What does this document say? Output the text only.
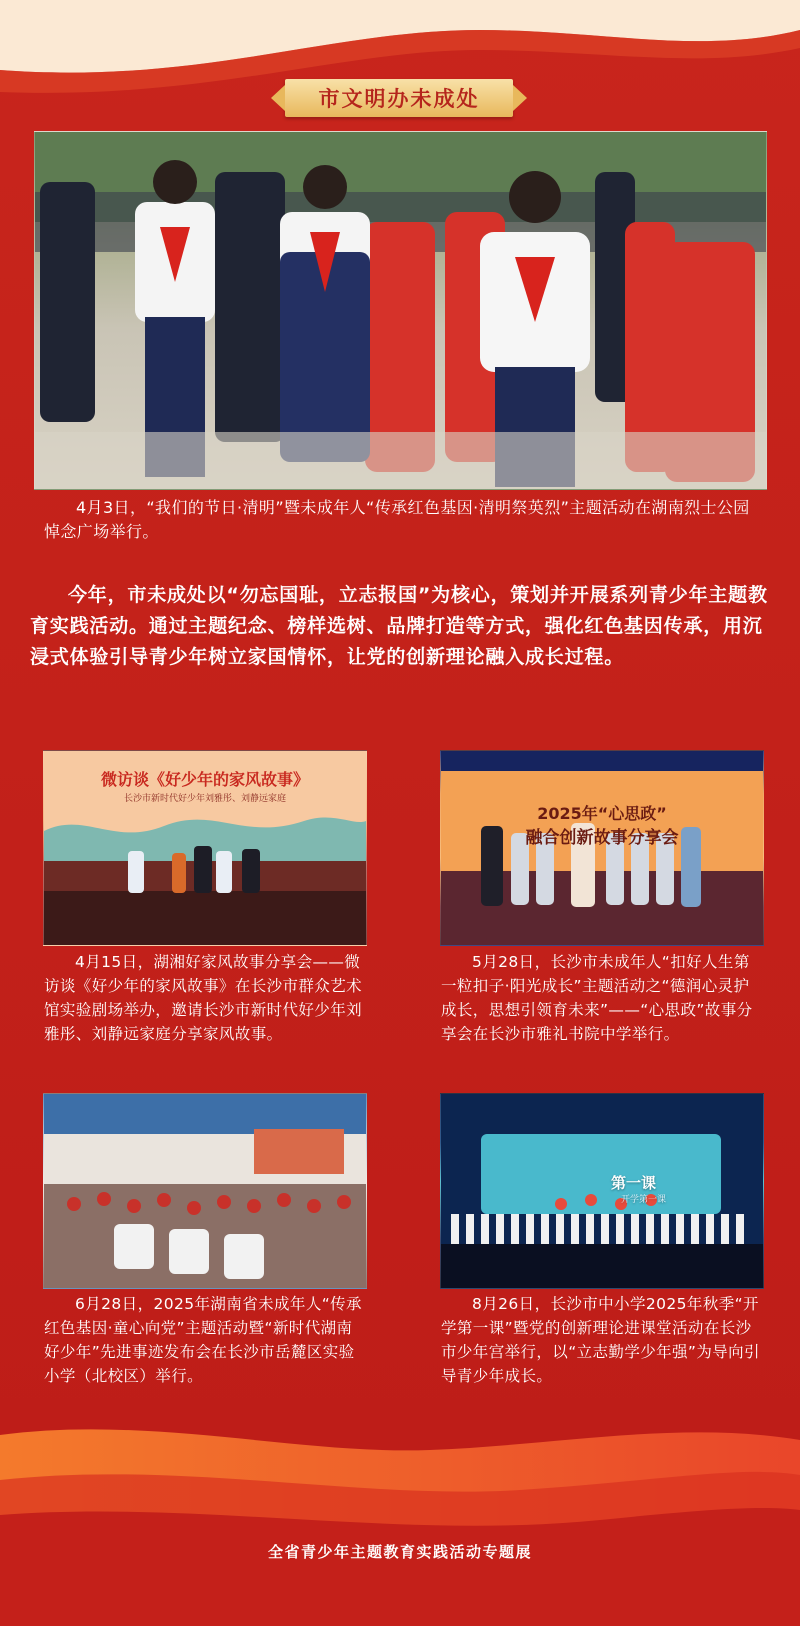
市文明办未成处
4月3日，“我们的节日·清明”暨未成年人“传承红色基因·清明祭英烈”主题活动在湖南烈士公园悼念广场举行。
今年，市未成处以“勿忘国耻，立志报国”为核心，策划并开展系列青少年主题教育实践活动。通过主题纪念、榜样选树、品牌打造等方式，强化红色基因传承，用沉浸式体验引导青少年树立家国情怀，让党的创新理论融入成长过程。
微访谈《好少年的家风故事》
长沙市新时代好少年刘雅彤、刘静远家庭
4月15日，湖湘好家风故事分享会——微访谈《好少年的家风故事》在长沙市群众艺术馆实验剧场举办，邀请长沙市新时代好少年刘雅彤、刘静远家庭分享家风故事。
2025年“心思政”
融合创新故事分享会
5月28日，长沙市未成年人“扣好人生第一粒扣子·阳光成长”主题活动之“德润心灵护成长，思想引领育未来”——“心思政”故事分享会在长沙市雅礼书院中学举行。
6月28日，2025年湖南省未成年人“传承红色基因·童心向党”主题活动暨“新时代湖南好少年”先进事迹发布会在长沙市岳麓区实验小学（北校区）举行。
第一课
开学第一课
8月26日，长沙市中小学2025年秋季“开学第一课”暨党的创新理论进课堂活动在长沙市少年宫举行，以“立志勤学少年强”为导向引导青少年成长。
全省青少年主题教育实践活动专题展
